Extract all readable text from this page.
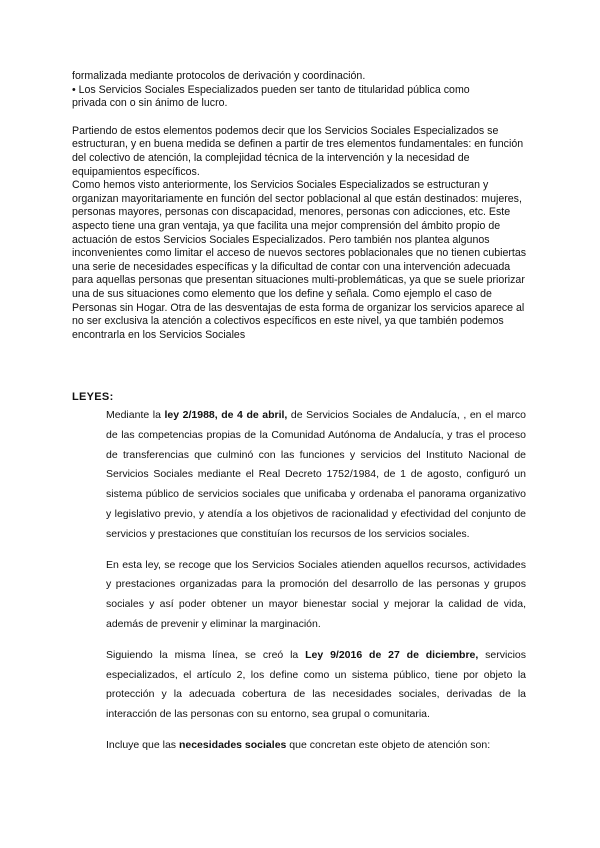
formalizada mediante protocolos de derivación y coordinación.

• Los Servicios Sociales Especializados pueden ser tanto de titularidad pública como

privada con o sin ánimo de lucro.

Partiendo de estos elementos podemos decir que los Servicios Sociales Especializados se estructuran, y en buena medida se definen a partir de tres elementos fundamentales: en función del colectivo de atención, la complejidad técnica de la intervención y la necesidad de equipamientos específicos.

Como hemos visto anteriormente, los Servicios Sociales Especializados se estructuran y organizan mayoritariamente en función del sector poblacional al que están destinados: mujeres, personas mayores, personas con discapacidad, menores, personas con adicciones, etc. Este aspecto tiene una gran ventaja, ya que facilita una mejor comprensión del ámbito propio de actuación de estos Servicios Sociales Especializados. Pero también nos plantea algunos inconvenientes como limitar el acceso de nuevos sectores poblacionales que no tienen cubiertas una serie de necesidades específicas y la dificultad de contar con una intervención adecuada para aquellas personas que presentan situaciones multi-problemáticas, ya que se suele priorizar una de sus situaciones como elemento que los define y señala. Como ejemplo el caso de Personas sin Hogar. Otra de las desventajas de esta forma de organizar los servicios aparece al no ser exclusiva la atención a colectivos específicos en este nivel, ya que también podemos encontrarla en los Servicios Sociales

LEYES:

Mediante la ley 2/1988, de 4 de abril, de Servicios Sociales de Andalucía, , en el marco de las competencias propias de la Comunidad Autónoma de Andalucía, y tras el proceso de transferencias que culminó con las funciones y servicios del Instituto Nacional de Servicios Sociales mediante el Real Decreto 1752/1984, de 1 de agosto, configuró un sistema público de servicios sociales que unificaba y ordenaba el panorama organizativo y legislativo previo, y atendía a los objetivos de racionalidad y efectividad del conjunto de servicios y prestaciones que constituían los recursos de los servicios sociales.

En esta ley, se recoge que los Servicios Sociales atienden aquellos recursos, actividades y prestaciones organizadas para la promoción del desarrollo de las personas y grupos sociales y así poder obtener un mayor bienestar social y mejorar la calidad de vida, además de prevenir y eliminar la marginación.

Siguiendo la misma línea, se creó la Ley 9/2016 de 27 de diciembre, servicios especializados, el artículo 2, los define como un sistema público, tiene por objeto la protección y la adecuada cobertura de las necesidades sociales, derivadas de la interacción de las personas con su entorno, sea grupal o comunitaria.

Incluye que las necesidades sociales que concretan este objeto de atención son:
